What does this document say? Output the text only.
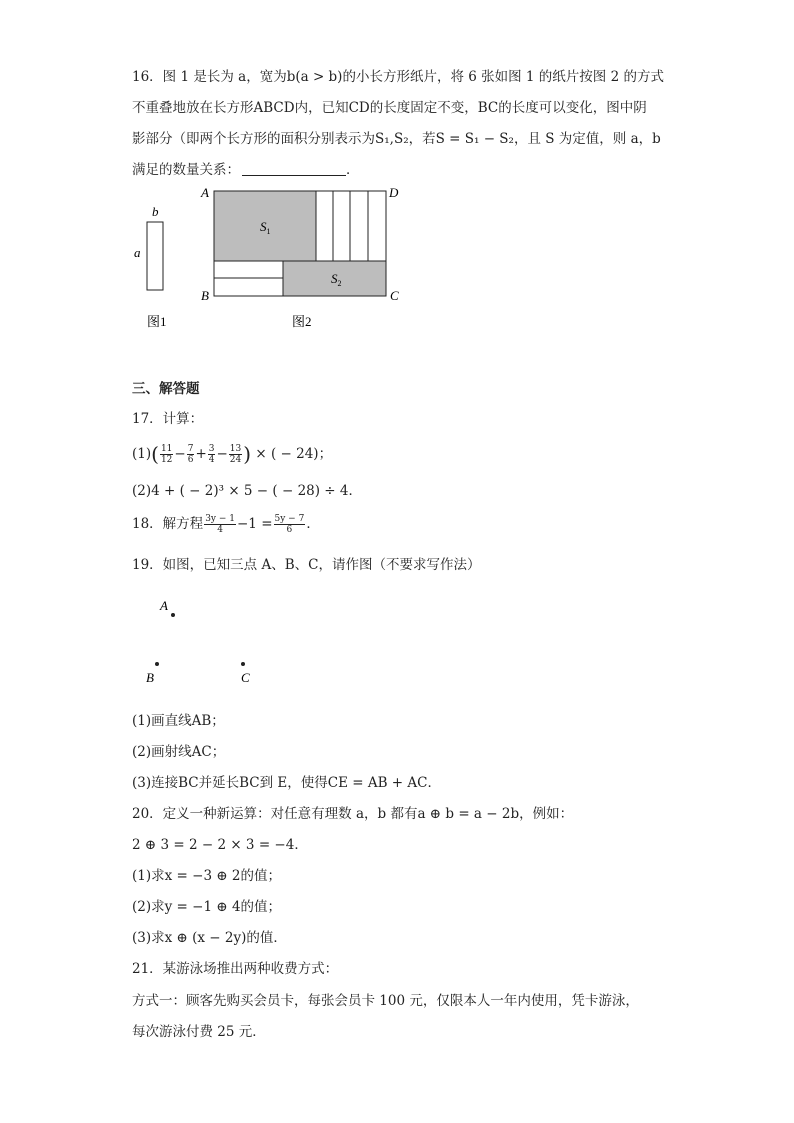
16．图 1 是长为 a，宽为b(a > b)的小长方形纸片，将 6 张如图 1 的纸片按图 2 的方式
不重叠地放在长方形ABCD内，已知CD的长度固定不变，BC的长度可以变化，图中阴
影部分（即两个长方形的面积分别表示为S₁,S₂，若S = S₁ − S₂，且 S 为定值，则 a，b
满足的数量关系：	．
b
a
图1
A	D
B	C
$S_1$
$S_2$
图2
三、解答题
17．计算：
$(1)( \frac{11}{12} - \frac{7}{6} + \frac{3}{4} - \frac{13}{24}$ ) × ( − 24)；
(2)4 + ( − 2)³ × 5 − ( − 28) ÷ 4．
18．解方程 $\frac{3y - 1}{4} -1 = \frac{5y - 7}{6}$ ．
19．如图，已知三点 A、B、C，请作图（不要求写作法）
A
B	C
(1)画直线AB；
(2)画射线AC；
(3)连接BC并延长BC到 E，使得CE = AB + AC．
20．定义一种新运算：对任意有理数 a，b 都有a ⊕ b = a − 2b，例如：
2 ⊕ 3 = 2 − 2 × 3 = −4．
(1)求x = −3 ⊕ 2的值；
(2)求y = −1 ⊕ 4的值；
(3)求x ⊕ (x − 2y)的值．
21．某游泳场推出两种收费方式：
方式一：顾客先购买会员卡，每张会员卡 100 元，仅限本人一年内使用，凭卡游泳，
每次游泳付费 25 元．
